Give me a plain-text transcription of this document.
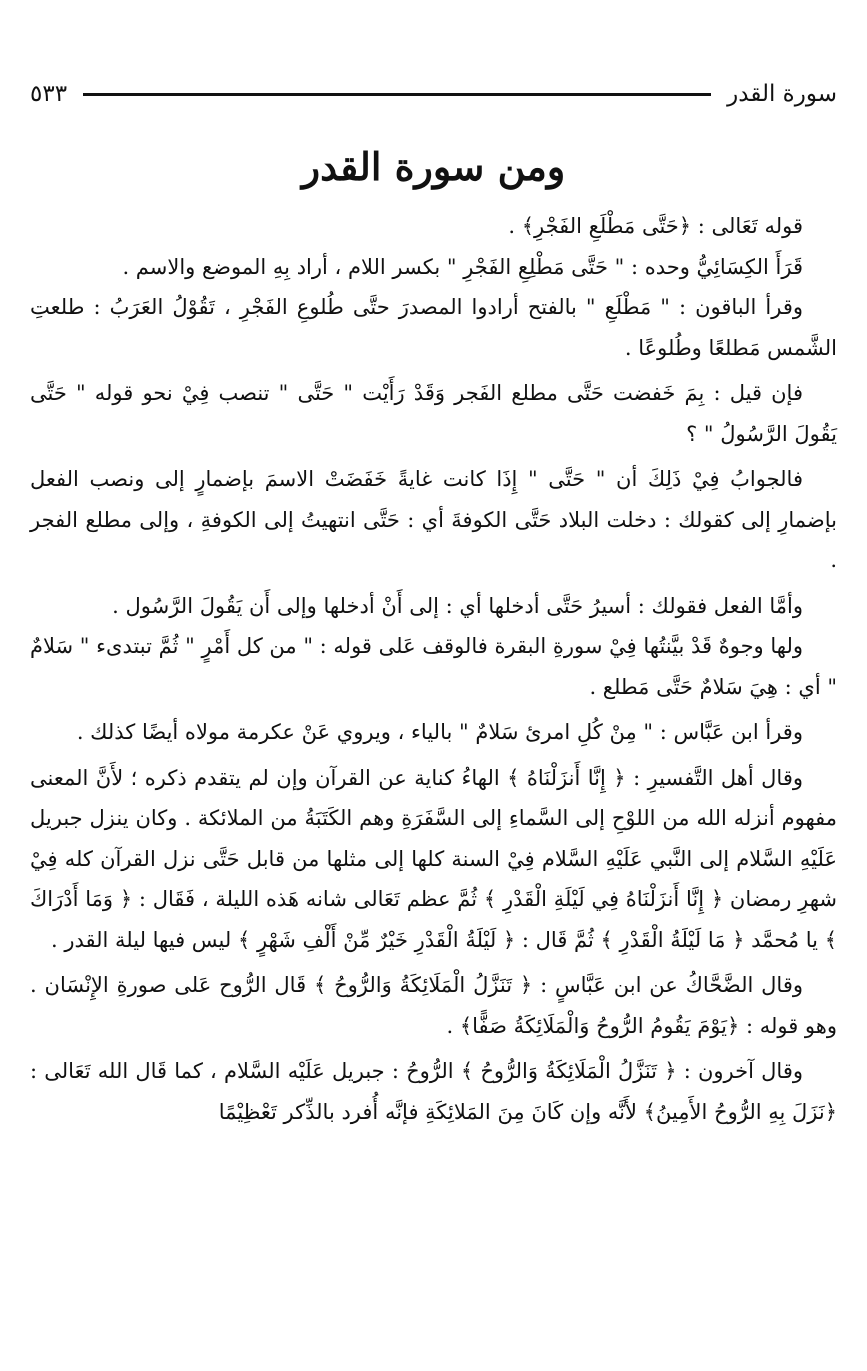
سورة القدر
٥٣٣
ومن سورة القدر

قوله تَعَالى : ﴿حَتَّى مَطْلَعِ الفَجْرِ﴾ .

قَرَأَ الكِسَائِيُّ وحده : " حَتَّى مَطْلِعِ الفَجْرِ " بكسر اللام ، أراد بِهِ الموضع والاسم .

وقرأ الباقون : " مَطْلَعِ " بالفتح أرادوا المصدرَ حتَّى طُلوعِ الفَجْرِ ، تَقُوْلُ العَرَبُ : طلعتِ الشَّمس مَطلعًا وطُلوعًا .

فإن قيل : بِمَ خَفضت حَتَّى مطلع الفَجر وَقَدْ رَأَيْت " حَتَّى " تنصب فِيْ نحو قوله " حَتَّى يَقُولَ الرَّسُولُ " ؟

فالجوابُ فِيْ ذَلِكَ أن " حَتَّى " إِذَا كانت غايةً خَفَضَتْ الاسمَ بإضمارٍ إلى ونصب الفعل بإضمارِ إلى كقولك : دخلت البلاد حَتَّى الكوفةَ أي : حَتَّى انتهيتُ إلى الكوفةِ ، وإلى مطلع الفجر .

وأمَّا الفعل فقولك : أسيرُ حَتَّى أدخلها أي : إلى أَنْ أدخلها وإلى أَن يَقُولَ الرَّسُول .

ولها وجوهٌ قَدْ بيَّنتُها فِيْ سورةِ البقرة فالوقف عَلى قوله : " من كل أَمْرٍ " ثُمَّ تبتدىء " سَلامٌ " أي : هِيَ سَلامٌ حَتَّى مَطلع .

وقرأ ابن عَبَّاس : " مِنْ كُلِ امرئ سَلامٌ " بالياء ، ويروي عَنْ عكرمة مولاه أيضًا كذلك .

وقال أهل التَّفسيرِ : ﴿ إِنَّا أَنزَلْنَاهُ ﴾ الهاءُ كناية عن القرآن وإن لم يتقدم ذكره ؛ لأَنَّ المعنى مفهوم أنزله الله من اللوْحِ إلى السَّماءِ إلى السَّفَرَةِ وهم الكَتَبَةُ من الملائكة . وكان ينزل جبريل عَلَيْهِ السَّلام إلى النَّبي عَلَيْهِ السَّلام فِيْ السنة كلها إلى مثلها من قابل حَتَّى نزل القرآن كله فِيْ شهرِ رمضان ﴿ إِنَّا أَنزَلْنَاهُ فِي لَيْلَةِ الْقَدْرِ ﴾ ثُمَّ عظم تَعَالى شانه هَذه الليلة ، فَقَال : ﴿ وَمَا أَدْرَاكَ ﴾ يا مُحمَّد ﴿ مَا لَيْلَةُ الْقَدْرِ ﴾ ثُمَّ قَال : ﴿ لَيْلَةُ الْقَدْرِ خَيْرٌ مِّنْ أَلْفِ شَهْرٍ ﴾ ليس فيها ليلة القدر .

وقال الضَّحَّاكُ عن ابن عَبَّاسٍ : ﴿ تَنَزَّلُ الْمَلَائِكَةُ وَالرُّوحُ ﴾ قَال الرُّوح عَلى صورةِ الإِنْسَان . وهو قوله : ﴿يَوْمَ يَقُومُ الرُّوحُ وَالْمَلَائِكَةُ صَفًّا﴾ .

وقال آخرون : ﴿ تَنَزَّلُ الْمَلَائِكَةُ وَالرُّوحُ ﴾ الرُّوحُ : جبريل عَلَيْه السَّلام ، كما قَال الله تَعَالى : ﴿نَزَلَ بِهِ الرُّوحُ الأَمِينُ﴾ لأَنَّه وإن كَانَ مِنَ المَلائِكَةِ فإنَّه أُفرد بالذِّكر تَعْظِيْمًا
